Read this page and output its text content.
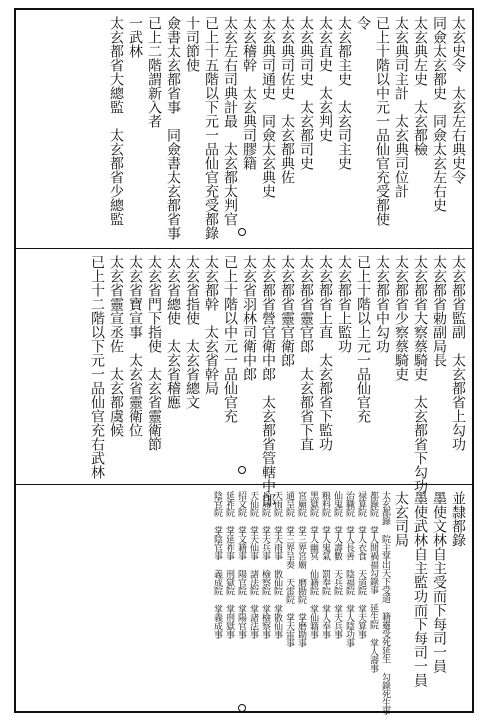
太玄史令　太玄左右典史令
同僉太玄都史　同僉太玄左右史
太玄典左史　太玄都檢
太玄典司主計　太玄典司位計
已上十階以中元一品仙官充受都使
令
太玄都主史　太玄司主史
太玄直史　太玄判史
太玄典司史　太玄都司史
太玄典司佐史　太玄都典佐
太玄典司通史　同僉太玄典史
太玄稽幹　太玄典司膠籍
太玄左右司典計最　太玄都太判官
已上十五階以下元一品仙官充受都錄
十司節使
僉書太玄都省事　同僉書太玄都省事
已上二階謂新入者
一武林
太玄都省大總監　太玄都省少總監
太玄都省監副　太玄都省上勾功
太玄都省勅副局長
太玄都省大察蔡騎吏　太玄都省下勾功
太玄都省少察蔡騎吏
太玄都省中勾功
已上十階以上元一品仙官充
太玄都省上監功
太玄都省上直　太玄都省下監功
太玄都省靈官郎　太玄都省下直
太玄都省靈官衛郎
太玄都省營官衛中郎　太玄都省管轄中郎
太玄省羽林司衛中郎
已上十階以中元一品仙官充
太玄都幹　太玄省幹局
太玄省指使　太玄省總文
太玄省總使　太玄省稽應
太玄省門下指使　太玄省靈衛節
太玄省寶宣事　太玄省靈衛位
太玄省靈宣丞佐　太玄都虞候
已上十二階以下元一品仙官充右武林
並隸都錄
墨使文林自主受而下每司一員
墨使武林自主監功而下每司一員
太玄司局
太玄都錄 院主掌出天下受道 籍靈受死延生 勾錄死生事
都錄院 掌人間禍福勾錄事 延生院 掌人壽事
禄算院 掌人衣食 天道院 掌天算事
治職院 掌人長善 陰福院 掌人陰功事
仙鬼院 掌人壽數 天兵院 掌天兵事
粮料院 掌人鬼氣 罰奉院 掌人奉事
黑獄院 掌人幽冥 仙籍院 掌仙籍事
宮廟院 掌三界宮廟 磨勘院 掌磨勘事
通呈院 掌三界呈奏 天雷院 掌天雷事
天雨院 掌天雨事 散仙院 掌散仙事
兵局院 掌天兵事 檢察院 掌檢察事
天仙院 掌天仙事 諸法院 掌諸法事
招文院 掌文籍事 陽官院 掌陽官事
延祚院 掌延祚事 刑獄院 掌刑獄事
陰官院 掌陰官事 義成院 掌義成事
